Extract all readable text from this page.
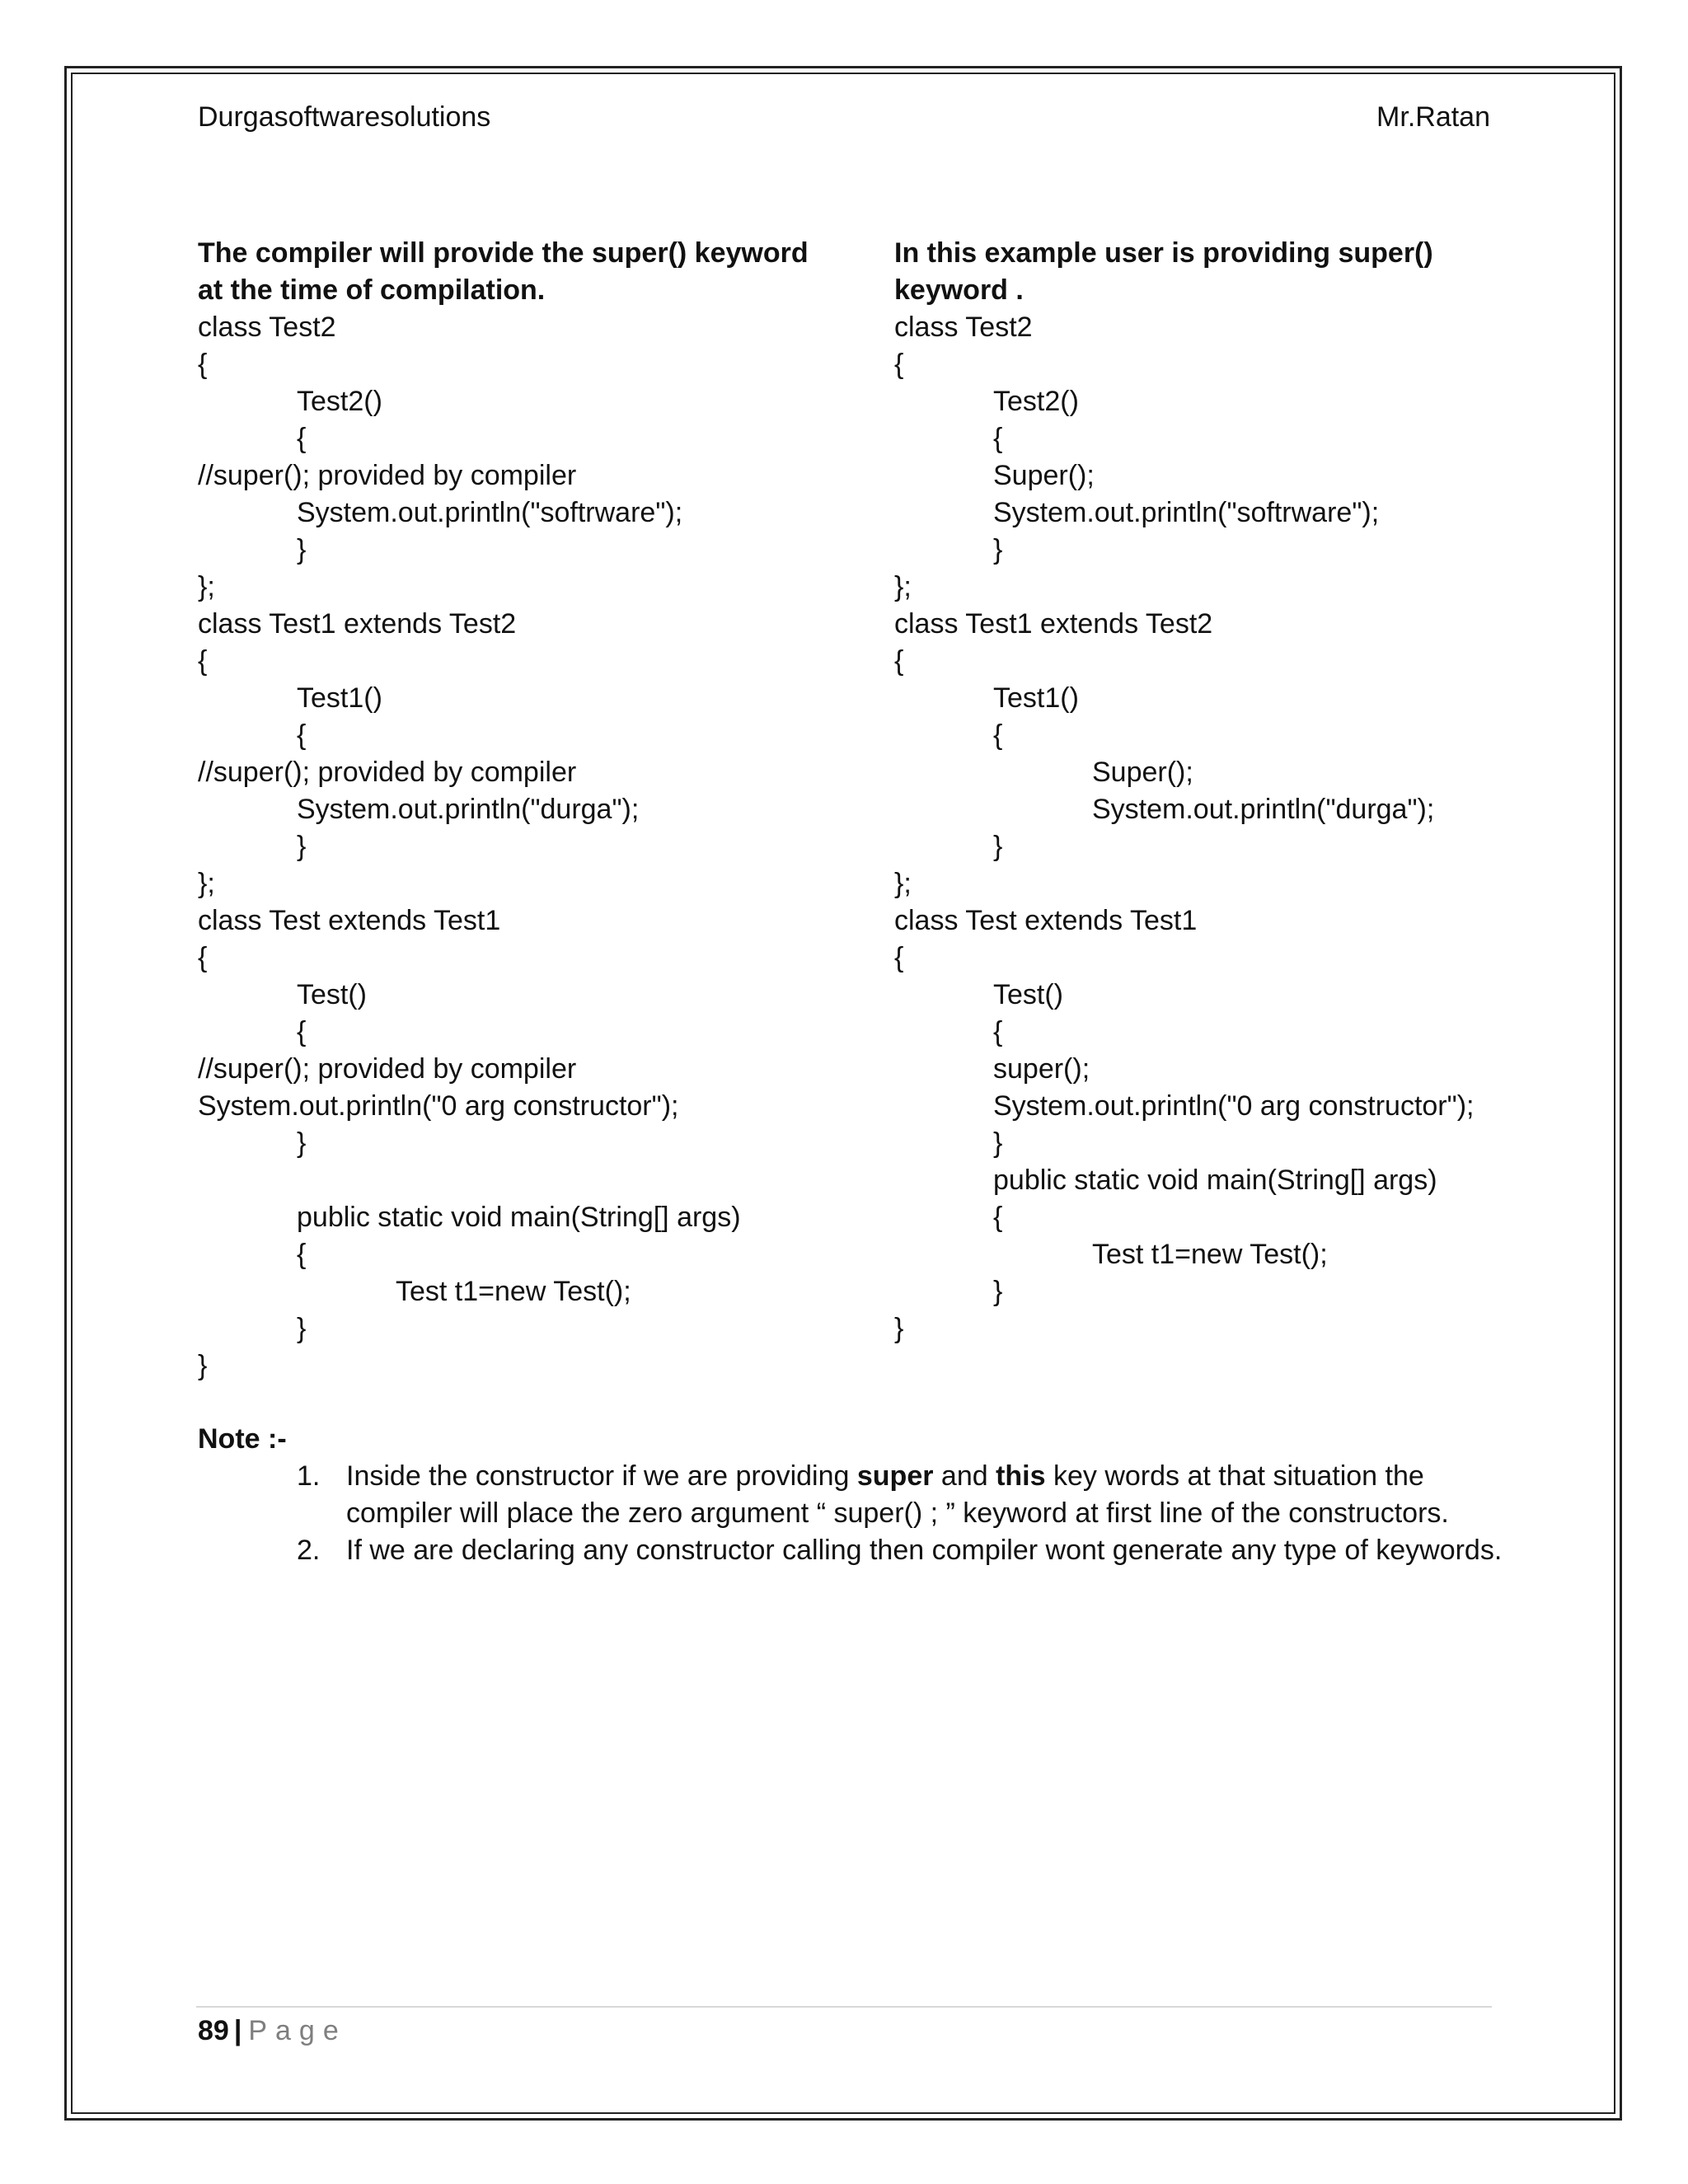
Durgasoftwaresolutions	Mr.Ratan
The compiler will provide the super() keyword
at the time of compilation.
class Test2
{
Test2()
{
//super(); provided by compiler
System.out.println("softrware");
}
};
class Test1 extends Test2
{
Test1()
{
//super(); provided by compiler
System.out.println("durga");
}
};
class Test extends Test1
{
Test()
{
//super(); provided by compiler
System.out.println("0 arg constructor");
}
public static void main(String[] args)
{
Test t1=new Test();
}
}
In this example user is providing super()
keyword .
class Test2
{
Test2()
{
Super();
System.out.println("softrware");
}
};
class Test1 extends Test2
{
Test1()
{
Super();
System.out.println("durga");
}
};
class Test extends Test1
{
Test()
{
super();
System.out.println("0 arg constructor");
}
public static void main(String[] args)
{
Test t1=new Test();
}
}
Note :-
1. Inside the constructor if we are providing super and this key words at that situation the compiler will place the zero argument “ super() ; ” keyword at first line of the constructors.
2. If we are declaring any constructor calling then compiler wont generate any type of keywords.
89 | Page
